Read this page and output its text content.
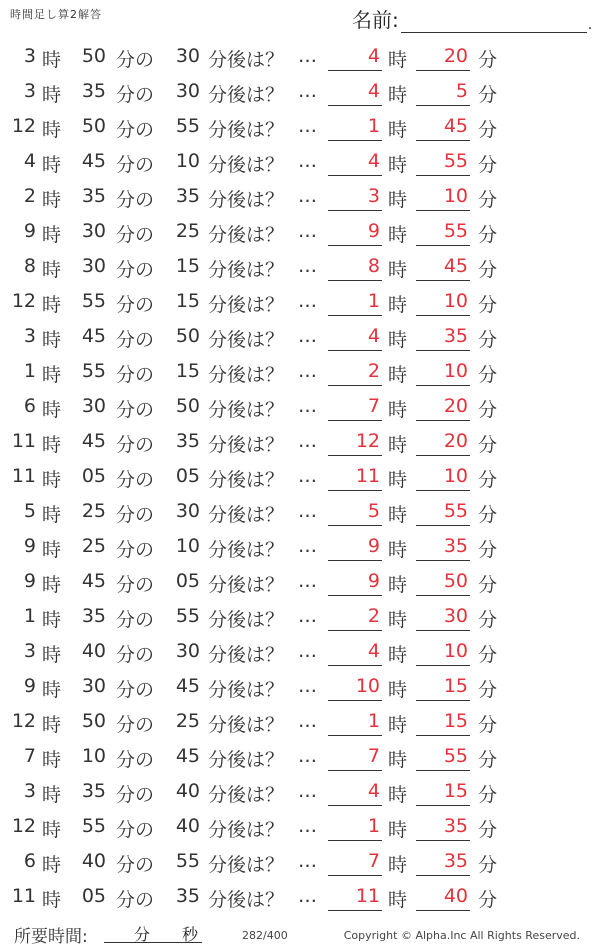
時間足し算2解答	名前:	.
3 時	50 分の	30 分後は？ …	4 時	20 分
3 時	35 分の	30 分後は？ …	4 時	5 分
12 時	50 分の	55 分後は？ …	1 時	45 分
4 時	45 分の	10 分後は？ …	4 時	55 分
2 時	35 分の	35 分後は？ …	3 時	10 分
9 時	30 分の	25 分後は？ …	9 時	55 分
8 時	30 分の	15 分後は？ …	8 時	45 分
12 時	55 分の	15 分後は？ …	1 時	10 分
3 時	45 分の	50 分後は？ …	4 時	35 分
1 時	55 分の	15 分後は？ …	2 時	10 分
6 時	30 分の	50 分後は？ …	7 時	20 分
11 時	45 分の	35 分後は？ …	12 時	20 分
11 時	05 分の	05 分後は？ …	11 時	10 分
5 時	25 分の	30 分後は？ …	5 時	55 分
9 時	25 分の	10 分後は？ …	9 時	35 分
9 時	45 分の	05 分後は？ …	9 時	50 分
1 時	35 分の	55 分後は？ …	2 時	30 分
3 時	40 分の	30 分後は？ …	4 時	10 分
9 時	30 分の	45 分後は？ …	10 時	15 分
12 時	50 分の	25 分後は？ …	1 時	15 分
7 時	10 分の	45 分後は？ …	7 時	55 分
3 時	35 分の	40 分後は？ …	4 時	15 分
12 時	55 分の	40 分後は？ …	1 時	35 分
6 時	40 分の	55 分後は？ …	7 時	35 分
11 時	05 分の	35 分後は？ …	11 時	40 分
所要時間:	分 秒	282/400	Copyright © Alpha.Inc All Rights Reserved.
